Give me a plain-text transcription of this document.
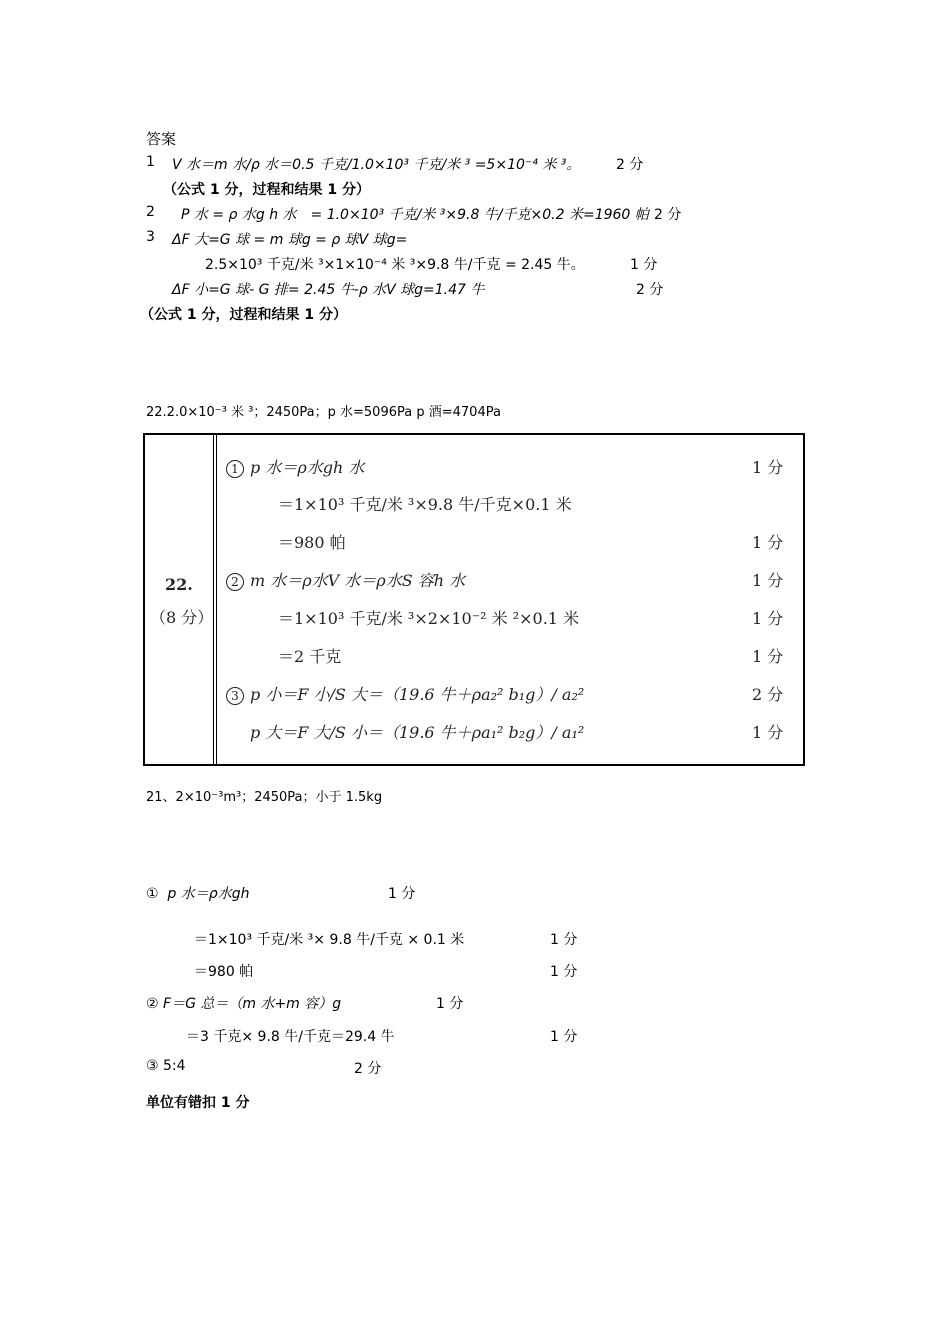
答案
1 V 水＝m 水/ρ 水＝0.5 千克/1.0×10³ 千克/米 ³ =5×10⁻⁴ 米 ³。	2 分
（公式 1 分，过程和结果 1 分）
2 P 水 = ρ 水g h 水　= 1.0×10³ 千克/米 ³×9.8 牛/千克×0.2 米=1960 帕 2 分
3 ΔF 大=G 球 = m 球g = ρ 球V 球g=
2.5×10³ 千克/米 ³×1×10⁻⁴ 米 ³×9.8 牛/千克 = 2.45 牛。	1 分
ΔF 小=G 球- G 排= 2.45 牛-ρ 水V 球g=1.47 牛	2 分
（公式 1 分，过程和结果 1 分）
22.2.0×10⁻³ 米 ³；2450Pa；p 水=5096Pa p 酒=4704Pa
22.
（8 分）
1 p 水＝ρ水gh 水	1 分
＝1×10³ 千克/米 ³×9.8 牛/千克×0.1 米
＝980 帕	1 分
2 m 水＝ρ水V 水＝ρ水S 容h 水	1 分
＝1×10³ 千克/米 ³×2×10⁻² 米 ²×0.1 米	1 分
＝2 千克	1 分
3 p 小＝F 小/S 大＝（19.6 牛＋ρa₂² b₁g）/ a₂²	2 分
p 大＝F 大/S 小＝（19.6 牛＋ρa₁² b₂g）/ a₁²	1 分
21、2×10⁻³m³；2450Pa；小于 1.5kg
① p 水＝ρ水gh	1 分
＝1×10³ 千克/米 ³× 9.8 牛/千克 × 0.1 米	1 分
＝980 帕	1 分
② F＝G 总＝（m 水+m 容）g	1 分
＝3 千克× 9.8 牛/千克＝29.4 牛	1 分
③ 5:4	2 分
单位有错扣 1 分
